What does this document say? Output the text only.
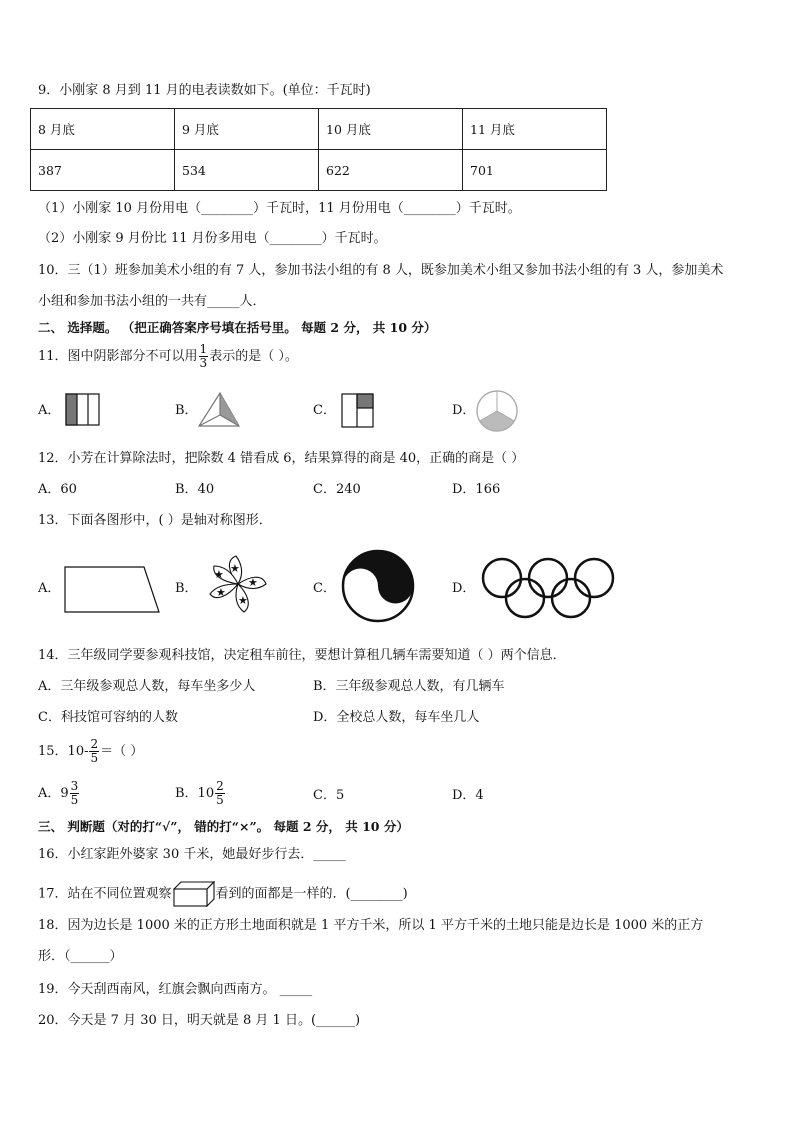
9．小刚家 8 月到 11 月的电表读数如下。(单位：千瓦时)
8 月底	9 月底	10 月底	11 月底
387	534	622	701
（1）小刚家 10 月份用电（________）千瓦时，11 月份用电（________）千瓦时。
（2）小刚家 9 月份比 11 月份多用电（________）千瓦时。
10．三（1）班参加美术小组的有 7 人，参加书法小组的有 8 人，既参加美术小组又参加书法小组的有 3 人，参加美术
小组和参加书法小组的一共有_____人．
二、 选择题。 （把正确答案序号填在括号里。 每题 2 分， 共 10 分）
11．图中阴影部分不可以用 $\frac{1}{3}$ 表示的是（ ）。
A．	B．	C．	D．
12．小芳在计算除法时，把除数 4 错看成 6，结果算得的商是 40，正确的商是（ ）
A．60	B．40	C．240	D．166
13．下面各图形中，( ）是轴对称图形．
A．	B．
★
★
★
★
★
C．	D．
14．三年级同学要参观科技馆，决定租车前往，要想计算租几辆车需要知道（ ）两个信息．
A．三年级参观总人数，每车坐多少人	B．三年级参观总人数，有几辆车
C．科技馆可容纳的人数	D．全校总人数，每车坐几人
15．$10- \frac{2}{5}$ ＝（ ）
A．$9 \frac{3}{5}$	B．$10 \frac{2}{5}$	C．5	D．4
三、 判断题（对的打“√”， 错的打“×”。 每题 2 分， 共 10 分）
16．小红家距外婆家 30 千米，她最好步行去．_____
17．站在不同位置观察	看到的面都是一样的．(________)
18．因为边长是 1000 米的正方形土地面积就是 1 平方千米，所以 1 平方千米的土地只能是边长是 1000 米的正方
形．（______）
19．今天刮西南风，红旗会飘向西南方。 _____
20．今天是 7 月 30 日，明天就是 8 月 1 日。(______)
